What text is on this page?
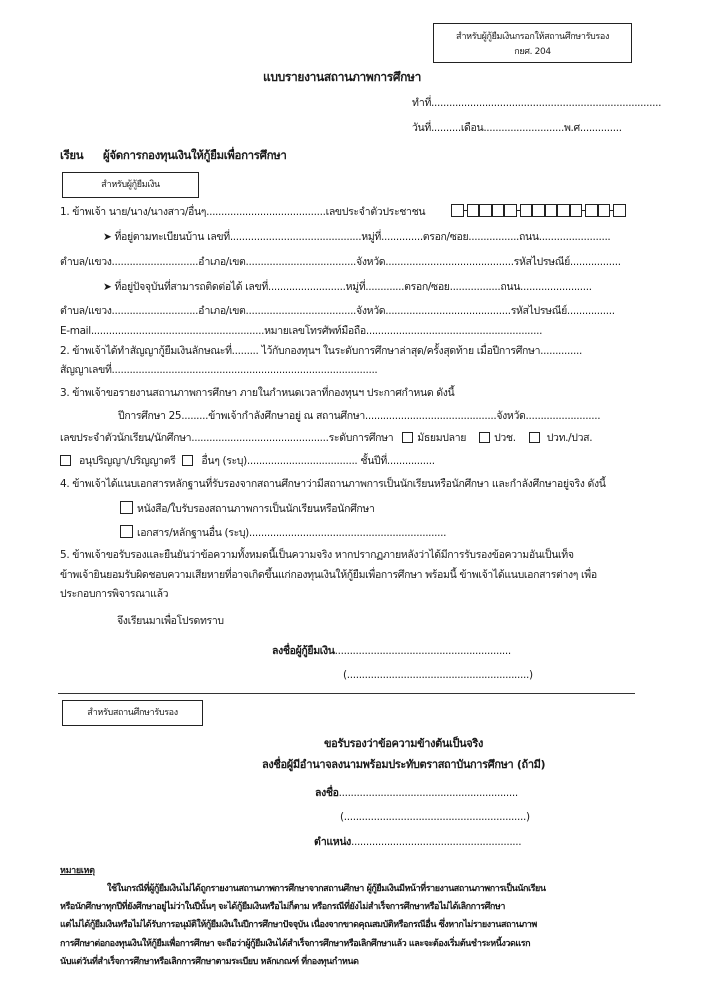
สำหรับผู้กู้ยืมเงินกรอกให้สถานศึกษารับรอง
กยศ. 204
แบบรายงานสถานภาพการศึกษา
ทำที่.............................................................................
วันที่..........เดือน...........................พ.ศ..............
เรียน ผู้จัดการกองทุนเงินให้กู้ยืมเพื่อการศึกษา
สำหรับผู้กู้ยืมเงิน
1. ข้าพเจ้า นาย/นาง/นางสาว/อื่นๆ........................................เลขประจำตัวประชาชน
➤ ที่อยู่ตามทะเบียนบ้าน เลขที่............................................หมู่ที่..............ตรอก/ซอย.................ถนน........................
ตำบล/แขวง.............................อำเภอ/เขต.....................................จังหวัด...........................................รหัสไปรษณีย์.................
➤ ที่อยู่ปัจจุบันที่สามารถติดต่อได้ เลขที่..........................หมู่ที่.............ตรอก/ซอย.................ถนน........................
ตำบล/แขวง.............................อำเภอ/เขต.....................................จังหวัด..........................................รหัสไปรษณีย์................
E-mail..........................................................หมายเลขโทรศัพท์มือถือ...........................................................
2. ข้าพเจ้าได้ทำสัญญากู้ยืมเงินลักษณะที่......... ไว้กับกองทุนฯ ในระดับการศึกษาล่าสุด/ครั้งสุดท้าย เมื่อปีการศึกษา..............
สัญญาเลขที่.........................................................................................
3. ข้าพเจ้าขอรายงานสถานภาพการศึกษา ภายในกำหนดเวลาที่กองทุนฯ ประกาศกำหนด ดังนี้
ปีการศึกษา 25.........ข้าพเจ้ากำลังศึกษาอยู่ ณ สถานศึกษา............................................จังหวัด.........................
เลขประจำตัวนักเรียน/นักศึกษา..............................................ระดับการศึกษา มัธยมปลาย	ปวช.	ปวท./ปวส.
อนุปริญญา/ปริญญาตรี อื่นๆ (ระบุ)..................................... ชั้นปีที่................
4. ข้าพเจ้าได้แนบเอกสารหลักฐานที่รับรองจากสถานศึกษาว่ามีสถานภาพการเป็นนักเรียนหรือนักศึกษา และกำลังศึกษาอยู่จริง ดังนี้
หนังสือ/ใบรับรองสถานภาพการเป็นนักเรียนหรือนักศึกษา
เอกสาร/หลักฐานอื่น (ระบุ)..................................................................
5. ข้าพเจ้าขอรับรองและยืนยันว่าข้อความทั้งหมดนี้เป็นความจริง หากปรากฏภายหลังว่าได้มีการรับรองข้อความอันเป็นเท็จ
ข้าพเจ้ายินยอมรับผิดชอบความเสียหายที่อาจเกิดขึ้นแก่กองทุนเงินให้กู้ยืมเพื่อการศึกษา พร้อมนี้ ข้าพเจ้าได้แนบเอกสารต่างๆ เพื่อ
ประกอบการพิจารณาแล้ว
จึงเรียนมาเพื่อโปรดทราบ
ลงชื่อผู้กู้ยืมเงิน...........................................................
(.............................................................)
สำหรับสถานศึกษารับรอง
ขอรับรองว่าข้อความข้างต้นเป็นจริง
ลงชื่อผู้มีอำนาจลงนามพร้อมประทับตราสถาบันการศึกษา (ถ้ามี)
ลงชื่อ............................................................
(.............................................................)
ตำแหน่ง.........................................................
หมายเหตุ
ใช้ในกรณีที่ผู้กู้ยืมเงินไม่ได้ถูกรายงานสถานภาพการศึกษาจากสถานศึกษา ผู้กู้ยืมเงินมีหน้าที่รายงานสถานภาพการเป็นนักเรียน
หรือนักศึกษาทุกปีที่ยังศึกษาอยู่ไม่ว่าในปีนั้นๆ จะได้กู้ยืมเงินหรือไม่ก็ตาม หรือกรณีที่ยังไม่สำเร็จการศึกษาหรือไม่ได้เลิกการศึกษา
แต่ไม่ได้กู้ยืมเงินหรือไม่ได้รับการอนุมัติให้กู้ยืมเงินในปีการศึกษาปัจจุบัน เนื่องจากขาดคุณสมบัติหรือกรณีอื่น ซึ่งหากไม่รายงานสถานภาพ
การศึกษาต่อกองทุนเงินให้กู้ยืมเพื่อการศึกษา จะถือว่าผู้กู้ยืมเงินได้สำเร็จการศึกษาหรือเลิกศึกษาแล้ว และจะต้องเริ่มต้นชำระหนี้งวดแรก
นับแต่วันที่สำเร็จการศึกษาหรือเลิกการศึกษาตามระเบียบ หลักเกณฑ์ ที่กองทุนกำหนด
